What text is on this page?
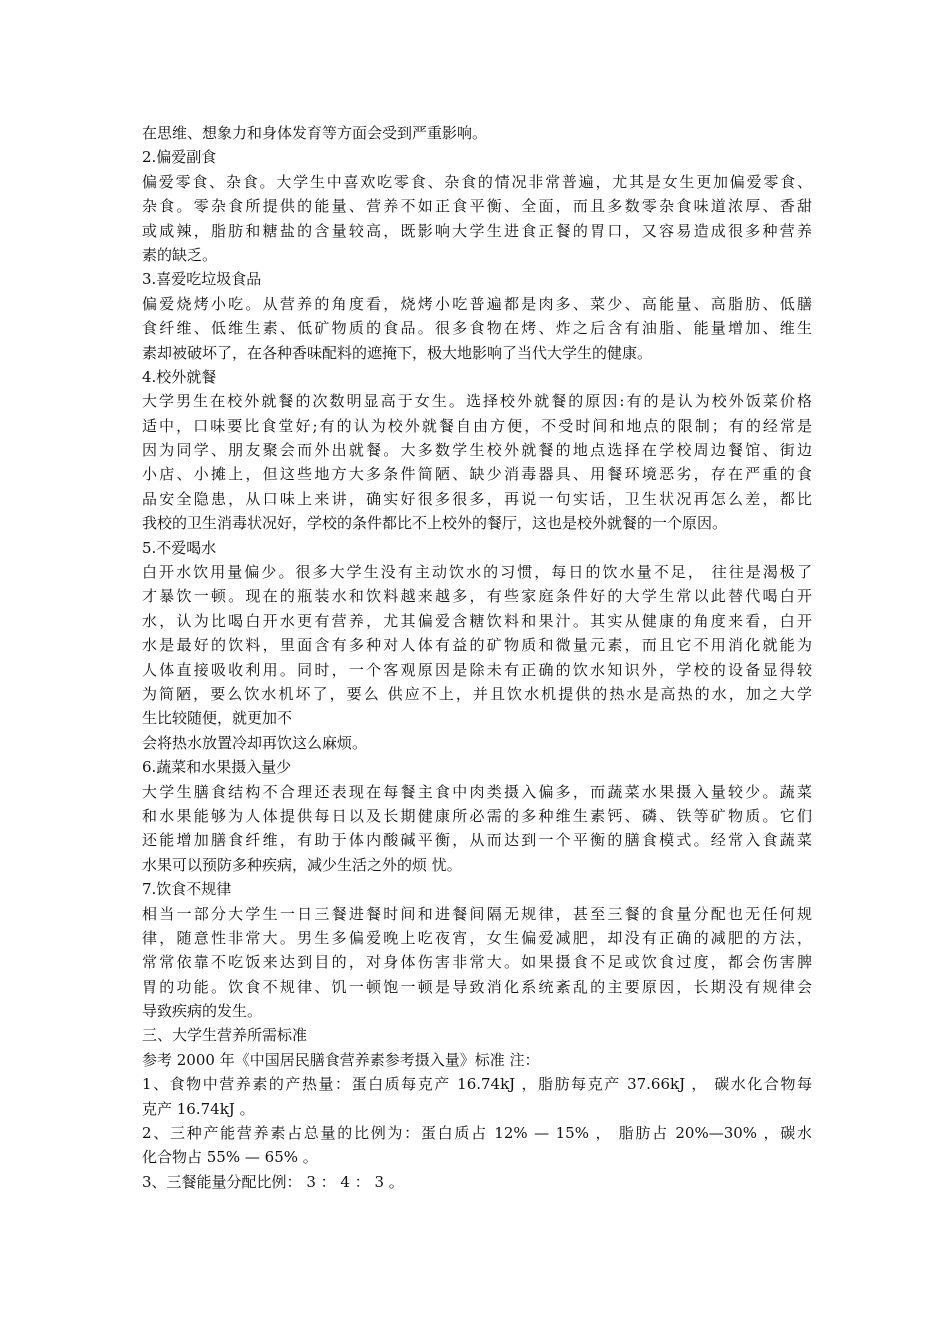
在思维、想象力和身体发育等方面会受到严重影响。
2.偏爱副食
偏爱零食、杂食。大学生中喜欢吃零食、杂食的情况非常普遍，尤其是女生更加偏爱零食、
杂食。零杂食所提供的能量、营养不如正食平衡、全面，而且多数零杂食味道浓厚、香甜
或咸辣，脂肪和糖盐的含量较高，既影响大学生进食正餐的胃口，又容易造成很多种营养
素的缺乏。
3.喜爱吃垃圾食品
偏爱烧烤小吃。从营养的角度看，烧烤小吃普遍都是肉多、菜少、高能量、高脂肪、低膳
食纤维、低维生素、低矿物质的食品。很多食物在烤、炸之后含有油脂、能量增加、维生
素却被破坏了，在各种香味配料的遮掩下，极大地影响了当代大学生的健康。
4.校外就餐
大学男生在校外就餐的次数明显高于女生。选择校外就餐的原因:有的是认为校外饭菜价格
适中，口味要比食堂好;有的认为校外就餐自由方便，不受时间和地点的限制；有的经常是
因为同学、朋友聚会而外出就餐。大多数学生校外就餐的地点选择在学校周边餐馆、街边
小店、小摊上，但这些地方大多条件简陋、缺少消毒器具、用餐环境恶劣，存在严重的食
品安全隐患，从口味上来讲，确实好很多很多，再说一句实话，卫生状况再怎么差，都比
我校的卫生消毒状况好，学校的条件都比不上校外的餐厅，这也是校外就餐的一个原因。
5.不爱喝水
白开水饮用量偏少。很多大学生没有主动饮水的习惯，每日的饮水量不足， 往往是渴极了
才暴饮一顿。现在的瓶装水和饮料越来越多，有些家庭条件好的大学生常以此替代喝白开
水，认为比喝白开水更有营养，尤其偏爱含糖饮料和果汁。其实从健康的角度来看，白开
水是最好的饮料，里面含有多种对人体有益的矿物质和微量元素，而且它不用消化就能为
人体直接吸收利用。同时，一个客观原因是除未有正确的饮水知识外，学校的设备显得较
为简陋，要么饮水机坏了，要么 供应不上，并且饮水机提供的热水是高热的水，加之大学
生比较随便，就更加不
会将热水放置冷却再饮这么麻烦。
6.蔬菜和水果摄入量少
大学生膳食结构不合理还表现在每餐主食中肉类摄入偏多，而蔬菜水果摄入量较少。蔬菜
和水果能够为人体提供每日以及长期健康所必需的多种维生素钙、磷、铁等矿物质。它们
还能增加膳食纤维，有助于体内酸碱平衡，从而达到一个平衡的膳食模式。经常入食蔬菜
水果可以预防多种疾病，减少生活之外的烦 忧。
7.饮食不规律
相当一部分大学生一日三餐进餐时间和进餐间隔无规律，甚至三餐的食量分配也无任何规
律，随意性非常大。男生多偏爱晚上吃夜宵，女生偏爱减肥，却没有正确的减肥的方法，
常常依靠不吃饭来达到目的，对身体伤害非常大。如果摄食不足或饮食过度，都会伤害脾
胃的功能。饮食不规律、饥一顿饱一顿是导致消化系统紊乱的主要原因，长期没有规律会
导致疾病的发生。
三、大学生营养所需标准
参考 2000 年《中国居民膳食营养素参考摄入量》标准 注：
1、食物中营养素的产热量：蛋白质每克产 16.74kJ ，脂肪每克产 37.66kJ ， 碳水化合物每
克产 16.74kJ 。
2、三种产能营养素占总量的比例为：蛋白质占 12% — 15% ， 脂肪占 20%—30% ，碳水
化合物占 55% — 65% 。
3、三餐能量分配比例： 3 ： 4 ： 3 。
